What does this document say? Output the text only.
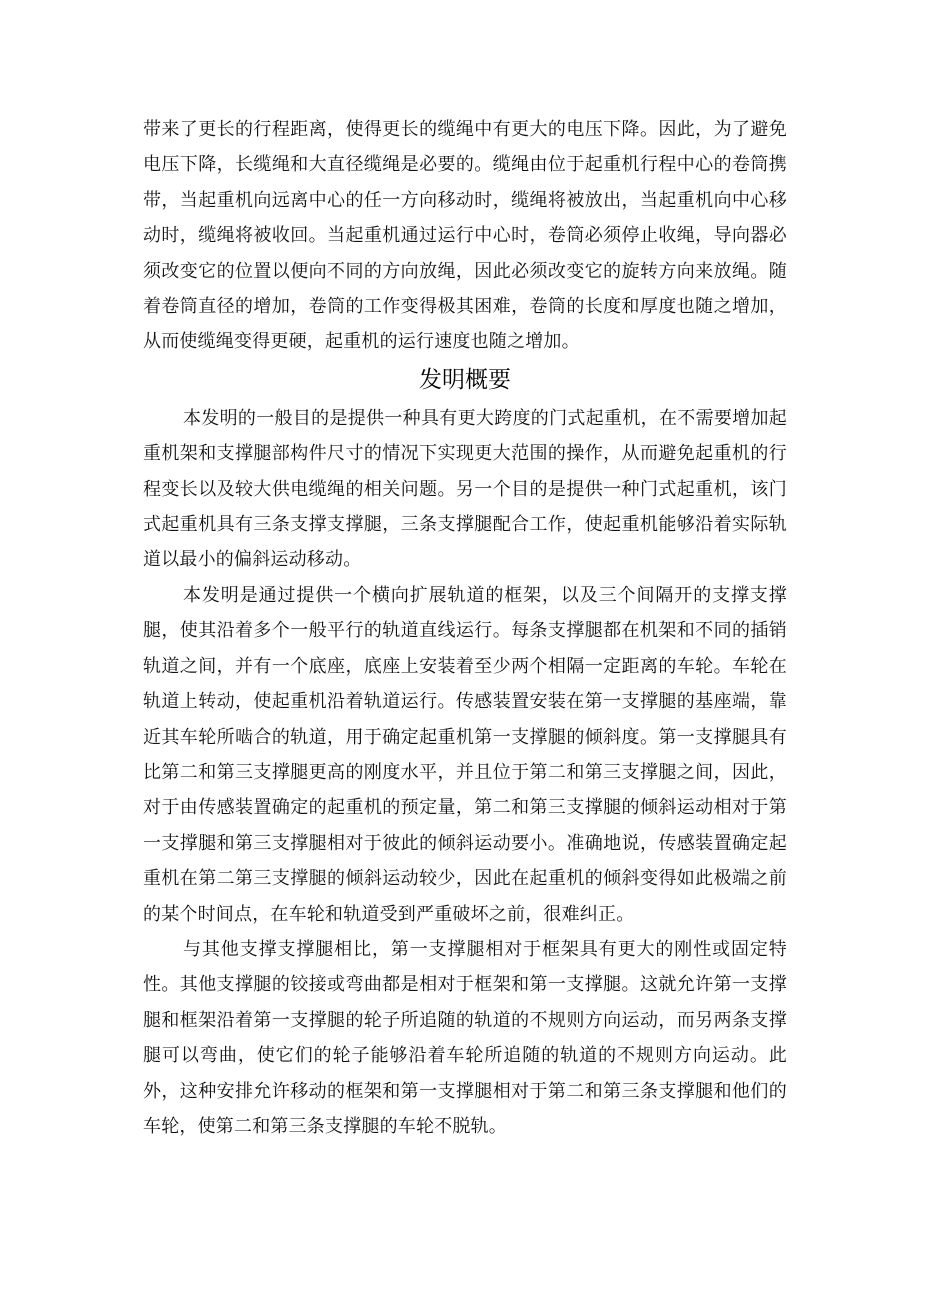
带来了更长的行程距离，使得更长的缆绳中有更大的电压下降。因此，为了避免电压下降，长缆绳和大直径缆绳是必要的。缆绳由位于起重机行程中心的卷筒携带，当起重机向远离中心的任一方向移动时，缆绳将被放出，当起重机向中心移动时，缆绳将被收回。当起重机通过运行中心时，卷筒必须停止收绳，导向器必须改变它的位置以便向不同的方向放绳，因此必须改变它的旋转方向来放绳。随着卷筒直径的增加，卷筒的工作变得极其困难，卷筒的长度和厚度也随之增加，从而使缆绳变得更硬，起重机的运行速度也随之增加。

发明概要

本发明的一般目的是提供一种具有更大跨度的门式起重机，在不需要增加起重机架和支撑腿部构件尺寸的情况下实现更大范围的操作，从而避免起重机的行程变长以及较大供电缆绳的相关问题。另一个目的是提供一种门式起重机，该门式起重机具有三条支撑支撑腿，三条支撑腿配合工作，使起重机能够沿着实际轨道以最小的偏斜运动移动。

本发明是通过提供一个横向扩展轨道的框架，以及三个间隔开的支撑支撑腿，使其沿着多个一般平行的轨道直线运行。每条支撑腿都在机架和不同的插销轨道之间，并有一个底座，底座上安装着至少两个相隔一定距离的车轮。车轮在轨道上转动，使起重机沿着轨道运行。传感装置安装在第一支撑腿的基座端，靠近其车轮所啮合的轨道，用于确定起重机第一支撑腿的倾斜度。第一支撑腿具有比第二和第三支撑腿更高的刚度水平，并且位于第二和第三支撑腿之间，因此，对于由传感装置确定的起重机的预定量，第二和第三支撑腿的倾斜运动相对于第一支撑腿和第三支撑腿相对于彼此的倾斜运动要小。准确地说，传感装置确定起重机在第二第三支撑腿的倾斜运动较少，因此在起重机的倾斜变得如此极端之前的某个时间点，在车轮和轨道受到严重破坏之前，很难纠正。

与其他支撑支撑腿相比，第一支撑腿相对于框架具有更大的刚性或固定特性。其他支撑腿的铰接或弯曲都是相对于框架和第一支撑腿。这就允许第一支撑腿和框架沿着第一支撑腿的轮子所追随的轨道的不规则方向运动，而另两条支撑腿可以弯曲，使它们的轮子能够沿着车轮所追随的轨道的不规则方向运动。此外，这种安排允许移动的框架和第一支撑腿相对于第二和第三条支撑腿和他们的车轮，使第二和第三条支撑腿的车轮不脱轨。
